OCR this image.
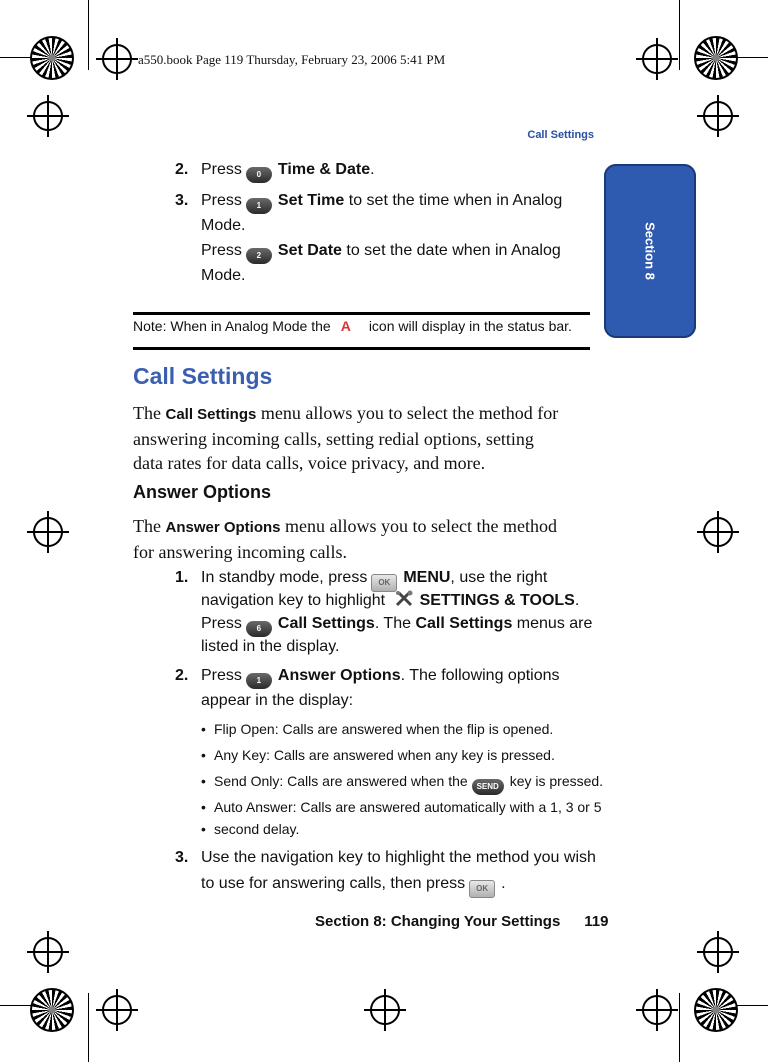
a550.book Page 119 Thursday, February 23, 2006 5:41 PM
Call Settings
Section 8
2. Press 0 Time & Date.
3. Press 1 Set Time to set the time when in Analog
Mode.
Press 2 Set Date to set the date when in Analog
Mode.
Note: When in Analog Mode the A icon will display in the status bar.
Call Settings
The Call Settings menu allows you to select the method for
answering incoming calls, setting redial options, setting
data rates for data calls, voice privacy, and more.
Answer Options
The Answer Options menu allows you to select the method
for answering incoming calls.
1. In standby mode, press OK MENU, use the right
navigation key to highlight SETTINGS & TOOLS.
Press 6 Call Settings. The Call Settings menus are
listed in the display.
2. Press 1 Answer Options. The following options
appear in the display:
• Flip Open: Calls are answered when the flip is opened.
• Any Key: Calls are answered when any key is pressed.
• Send Only: Calls are answered when the SEND key is pressed.
• Auto Answer: Calls are answered automatically with a 1, 3 or 5
• second delay.
3. Use the navigation key to highlight the method you wish
to use for answering calls, then press OK .
Section 8: Changing Your Settings 119
